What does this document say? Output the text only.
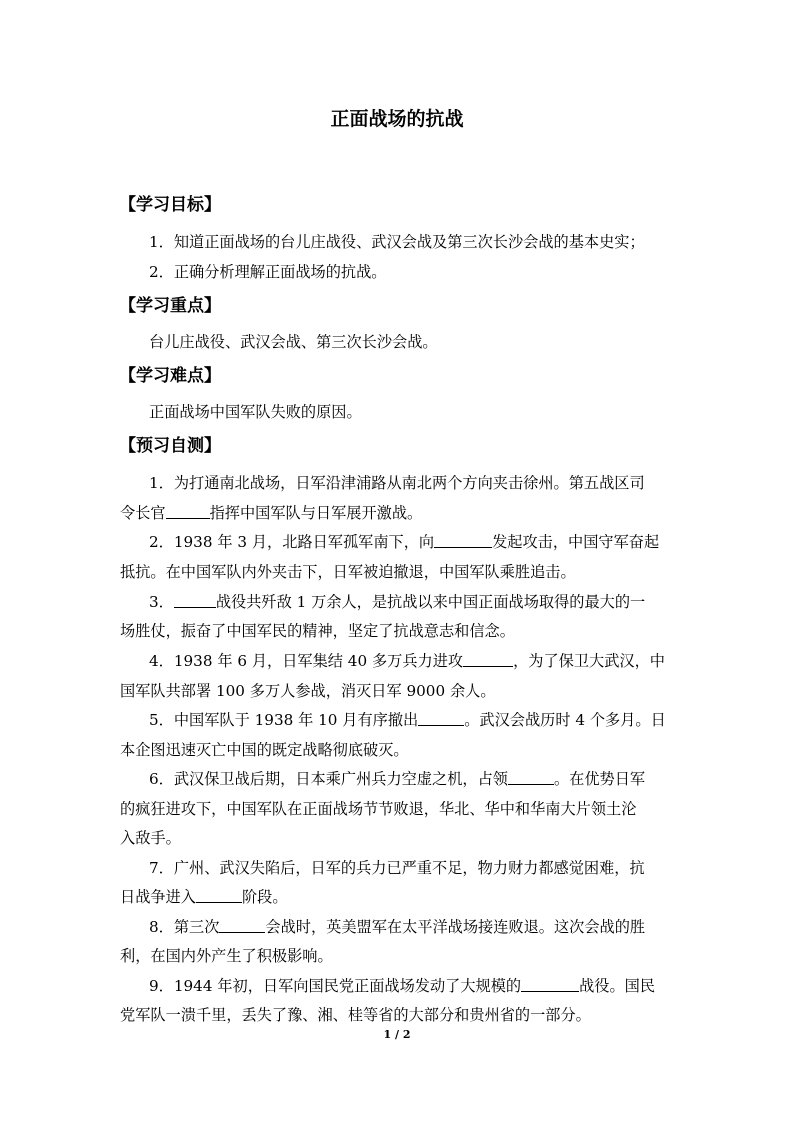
正面战场的抗战
【学习目标】
1．知道正面战场的台儿庄战役、武汉会战及第三次长沙会战的基本史实；
2．正确分析理解正面战场的抗战。
【学习重点】
台儿庄战役、武汉会战、第三次长沙会战。
【学习难点】
正面战场中国军队失败的原因。
【预习自测】
1．为打通南北战场，日军沿津浦路从南北两个方向夹击徐州。第五战区司
令长官	指挥中国军队与日军展开激战。
2．1938 年 3 月，北路日军孤军南下，向	发起攻击，中国守军奋起
抵抗。在中国军队内外夹击下，日军被迫撤退，中国军队乘胜追击。
3．	战役共歼敌 1 万余人，是抗战以来中国正面战场取得的最大的一
场胜仗，振奋了中国军民的精神，坚定了抗战意志和信念。
4．1938 年 6 月，日军集结 40 多万兵力进攻	，为了保卫大武汉，中
国军队共部署 100 多万人参战，消灭日军 9000 余人。
5．中国军队于 1938 年 10 月有序撤出	。武汉会战历时 4 个多月。日
本企图迅速灭亡中国的既定战略彻底破灭。
6．武汉保卫战后期，日本乘广州兵力空虚之机，占领	。在优势日军
的疯狂进攻下，中国军队在正面战场节节败退，华北、华中和华南大片领土沦
入敌手。
7．广州、武汉失陷后，日军的兵力已严重不足，物力财力都感觉困难，抗
日战争进入	阶段。
8．第三次	会战时，英美盟军在太平洋战场接连败退。这次会战的胜
利，在国内外产生了积极影响。
9．1944 年初，日军向国民党正面战场发动了大规模的	战役。国民
党军队一溃千里，丢失了豫、湘、桂等省的大部分和贵州省的一部分。
1 / 2
